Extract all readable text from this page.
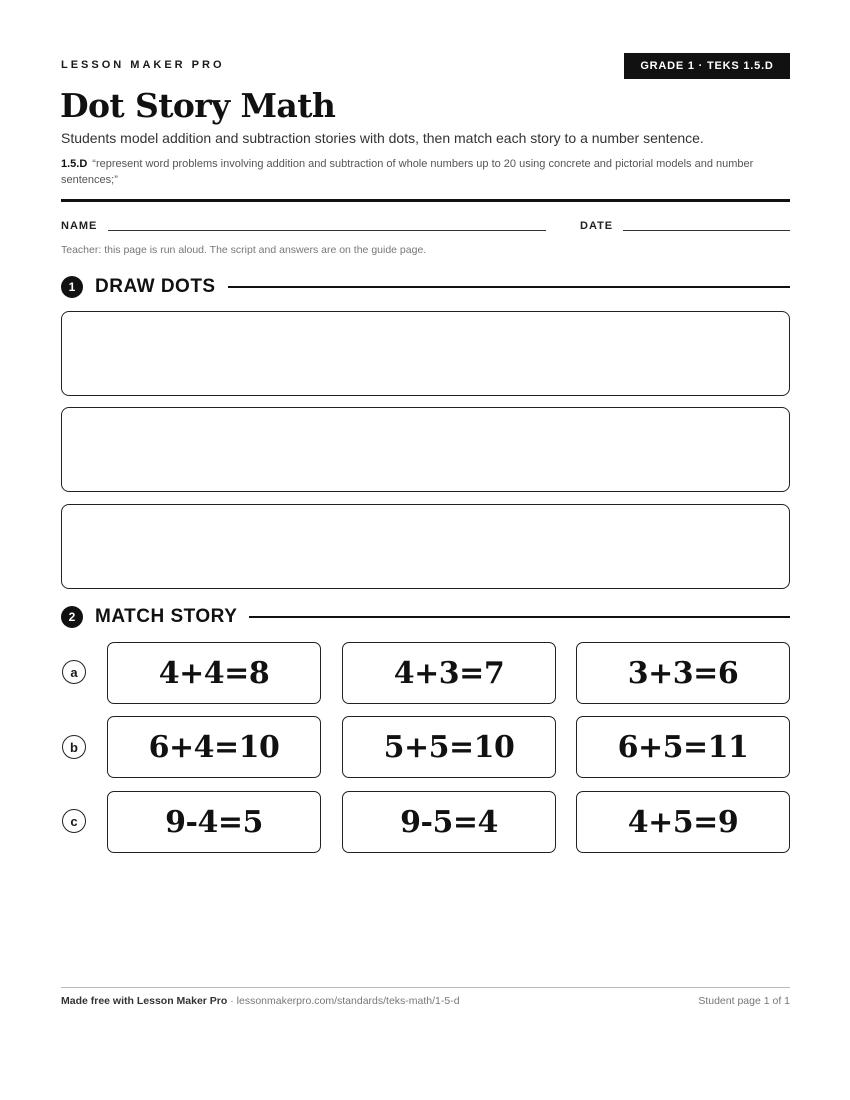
LESSON MAKER PRO	GRADE 1 · TEKS 1.5.D
Dot Story Math

Students model addition and subtraction stories with dots, then match each story to a number sentence.

1.5.D “represent word problems involving addition and subtraction of whole numbers up to 20 using concrete and pictorial models and number sentences;”
NAME	DATE
Teacher: this page is run aloud. The script and answers are on the guide page.
1	DRAW DOTS
2	MATCH STORY
a	4+4=8	4+3=7	3+3=6
b	6+4=10	5+5=10	6+5=11
c	9-4=5	9-5=4	4+5=9
Made free with Lesson Maker Pro · lessonmakerpro.com/standards/teks-math/1-5-d	Student page 1 of 1
